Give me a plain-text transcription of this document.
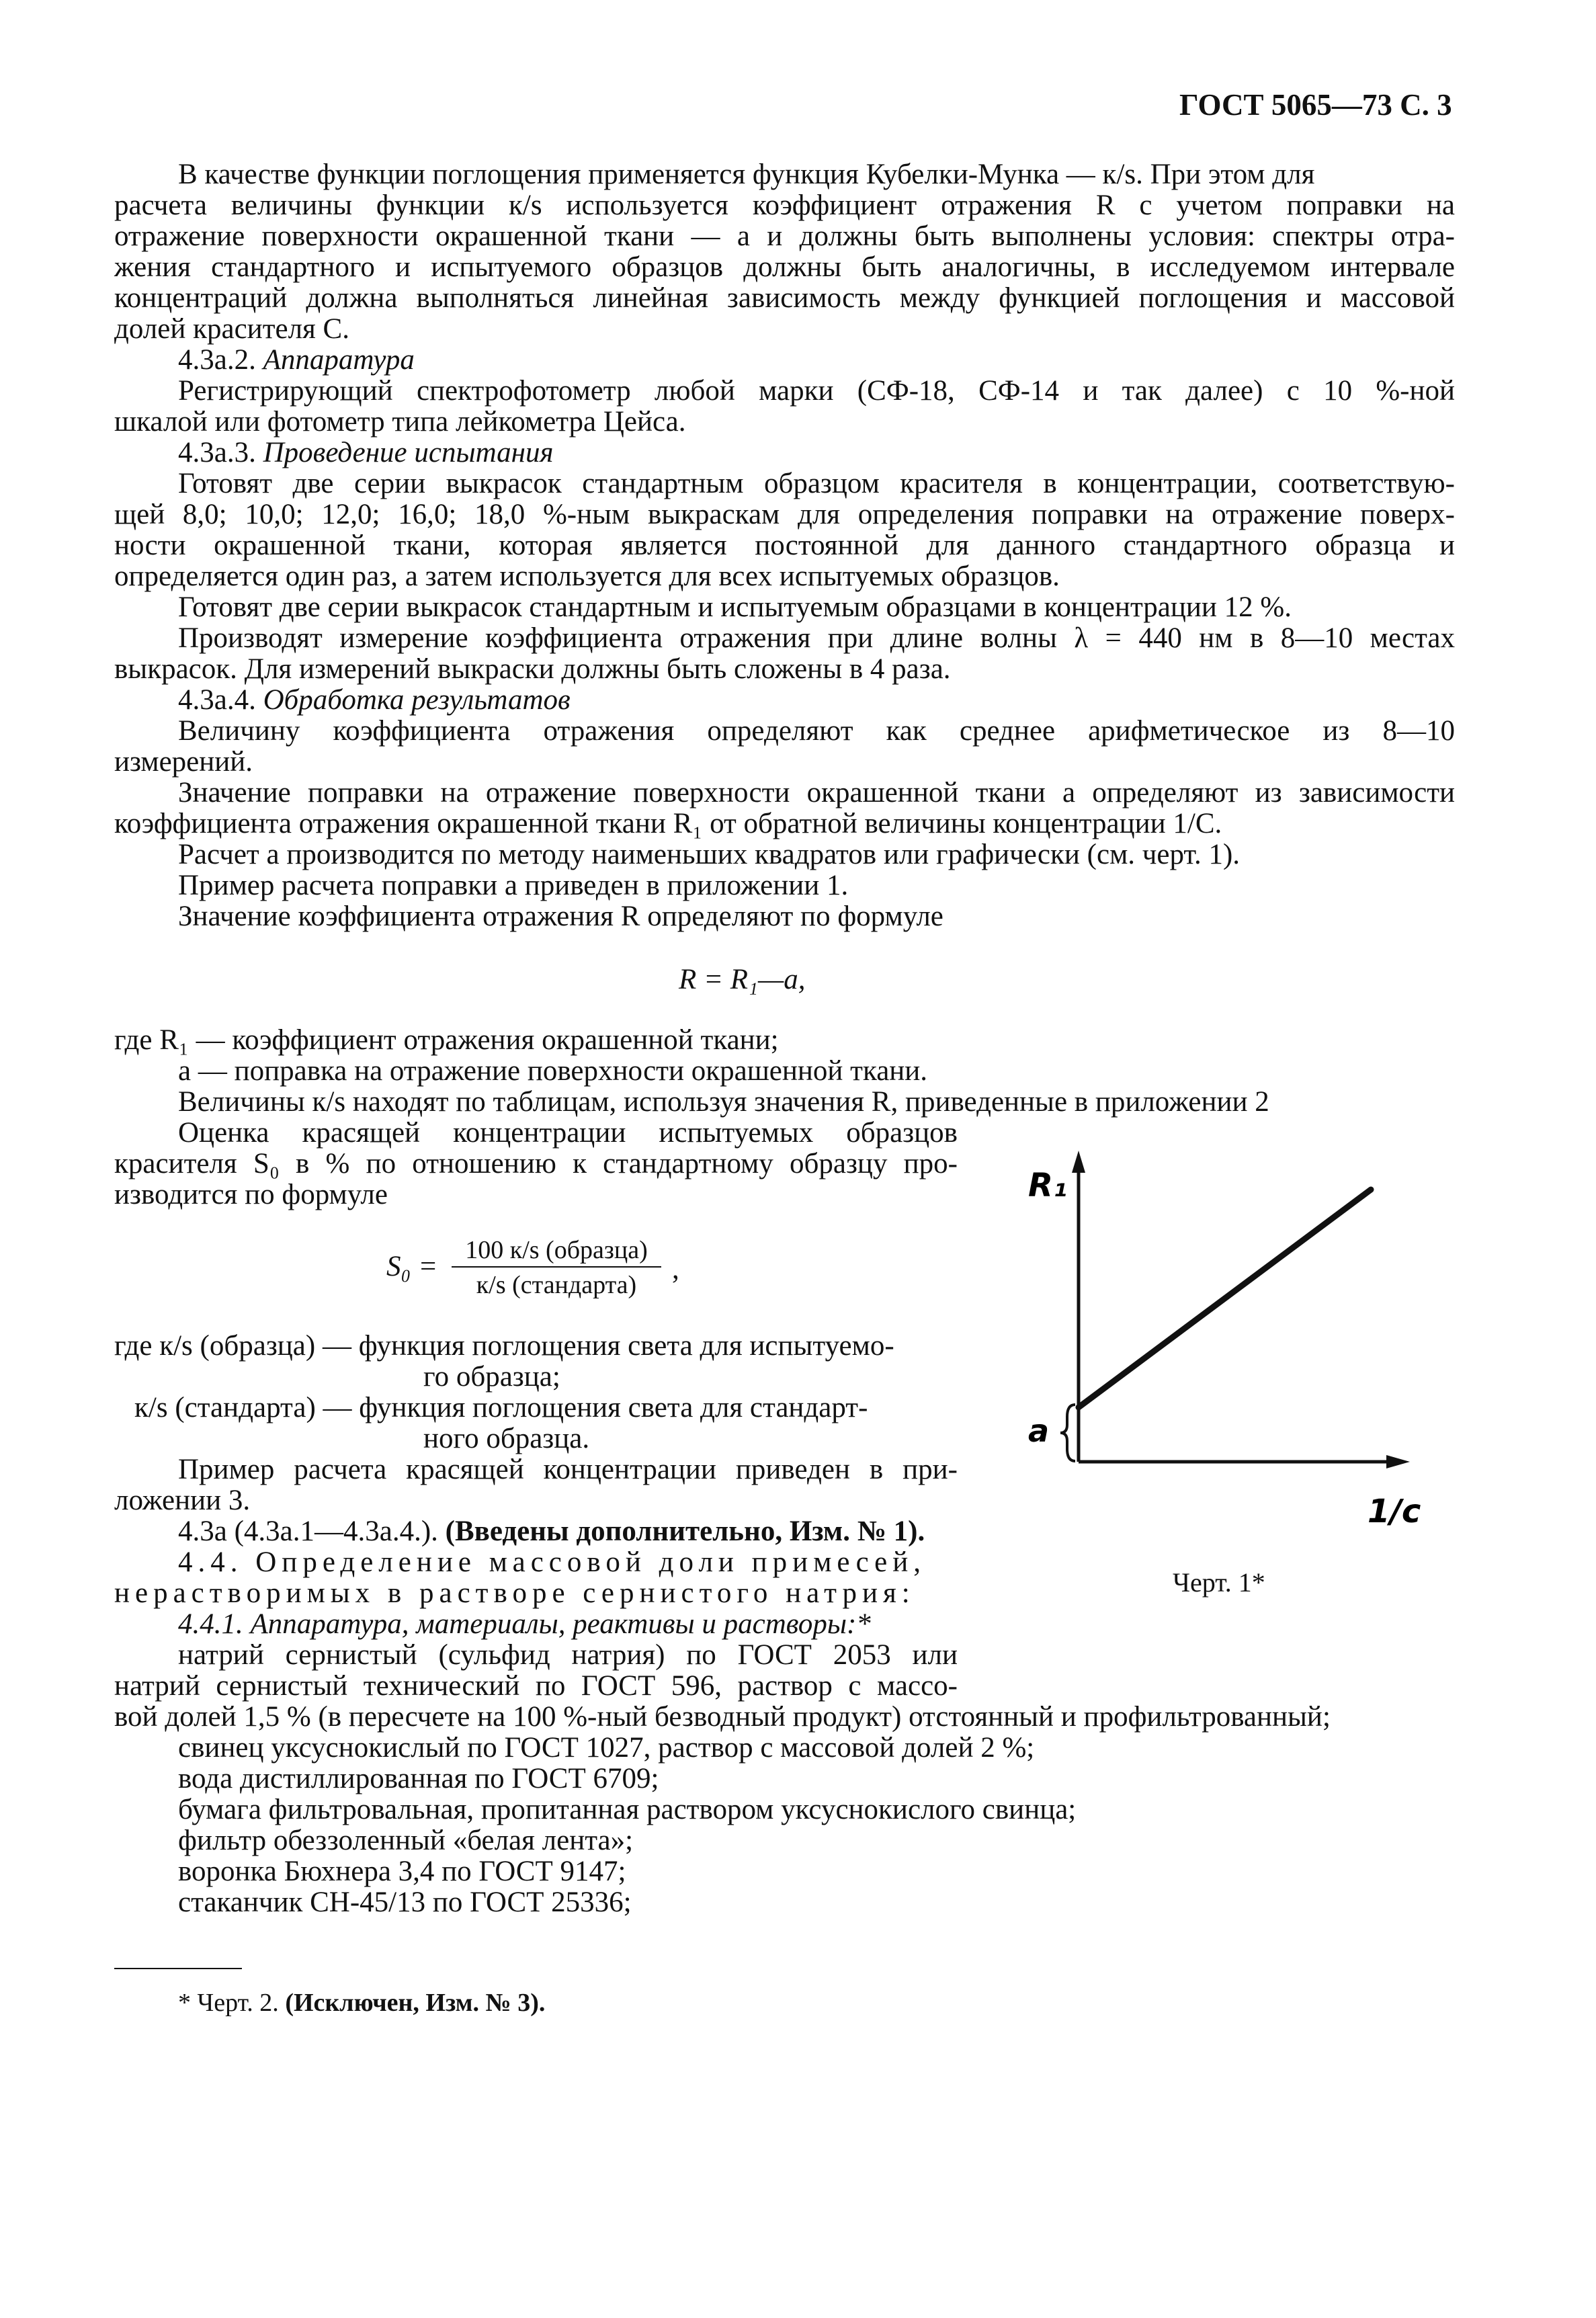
ГОСТ 5065—73 С. 3
В качестве функции поглощения применяется функция Кубелки-Мунка — к/s. При этом для
расчета величины функции к/s используется коэффициент отражения R с учетом поправки на
отражение поверхности окрашенной ткани — a и должны быть выполнены условия: спектры отра-
жения стандартного и испытуемого образцов должны быть аналогичны, в исследуемом интервале
концентраций должна выполняться линейная зависимость между функцией поглощения и массовой
долей красителя С.
4.3а.2. Аппаратура
Регистрирующий спектрофотометр любой марки (СФ-18, СФ-14 и так далее) с 10 %-ной
шкалой или фотометр типа лейкометра Цейса.
4.3а.3. Проведение испытания
Готовят две серии выкрасок стандартным образцом красителя в концентрации, соответствую-
щей 8,0; 10,0; 12,0; 16,0; 18,0 %-ным выкраскам для определения поправки на отражение поверх-
ности окрашенной ткани, которая является постоянной для данного стандартного образца и
определяется один раз, а затем используется для всех испытуемых образцов.
Готовят две серии выкрасок стандартным и испытуемым образцами в концентрации 12 %.
Производят измерение коэффициента отражения при длине волны λ = 440 нм в 8—10 местах
выкрасок. Для измерений выкраски должны быть сложены в 4 раза.
4.3а.4. Обработка результатов
Величину коэффициента отражения определяют как среднее арифметическое из 8—10
измерений.
Значение поправки на отражение поверхности окрашенной ткани a определяют из зависимости
коэффициента отражения окрашенной ткани R₁ от обратной величины концентрации 1/С.
Расчет a производится по методу наименьших квадратов или графически (см. черт. 1).
Пример расчета поправки a приведен в приложении 1.
Значение коэффициента отражения R определяют по формуле
R = R₁—a,
где R₁ — коэффициент отражения окрашенной ткани;
a — поправка на отражение поверхности окрашенной ткани.
Величины к/s находят по таблицам, используя значения R, приведенные в приложении 2
Оценка красящей концентрации испытуемых образцов
красителя S₀ в % по отношению к стандартному образцу про-
изводится по формуле
S₀ =
100 к/s (образца)
к/s (стандарта)	,
где к/s (образца) — функция поглощения света для испытуемо-
го образца;
к/s (стандарта) — функция поглощения света для стандарт-
ного образца.
Пример расчета красящей концентрации приведен в при-
ложении 3.
4.3а (4.3а.1—4.3а.4.). (Введены дополнительно, Изм. № 1).
4.4. Определение массовой доли примесей,
нерастворимых в растворе сернистого натрия:
4.4.1. Аппаратура, материалы, реактивы и растворы:*
натрий сернистый (сульфид натрия) по ГОСТ 2053 или
натрий сернистый технический по ГОСТ 596, раствор с массо-
вой долей 1,5 % (в пересчете на 100 %-ный безводный продукт) отстоянный и профильтрованный;
свинец уксуснокислый по ГОСТ 1027, раствор с массовой долей 2 %;
вода дистиллированная по ГОСТ 6709;
бумага фильтровальная, пропитанная раствором уксуснокислого свинца;
фильтр обеззоленный «белая лента»;
воронка Бюхнера 3,4 по ГОСТ 9147;
стаканчик СН-45/13 по ГОСТ 25336;
* Черт. 2. (Исключен, Изм. № 3).
a
R₁
1/c
Черт. 1*
